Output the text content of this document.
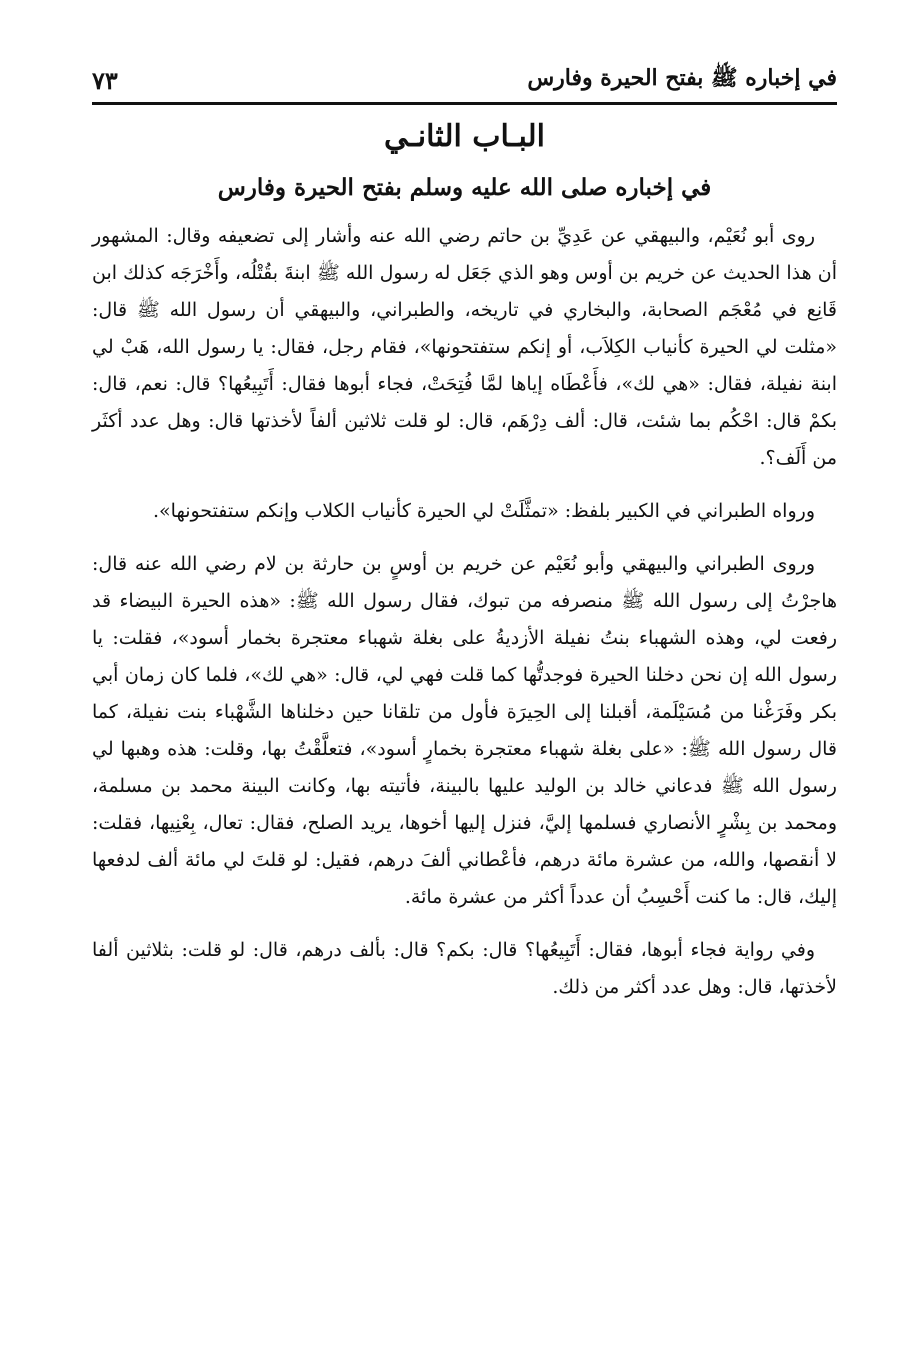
في إخباره ﷺ بفتح الحيرة وفارس
٧٣
البـاب الثانـي
في إخباره صلى الله عليه وسلم بفتح الحيرة وفارس

روى أبو نُعَيْم، والبيهقي عن عَدِيِّ بن حاتم رضي الله عنه وأشار إلى تضعيفه وقال: المشهور أن هذا الحديث عن خريم بن أوس وهو الذي جَعَل له رسول الله ﷺ ابنةَ بقُتْلُه، وأَخْرَجَه كذلك ابن قَانِع في مُعْجَم الصحابة، والبخاري في تاريخه، والطبراني، والبيهقي أن رسول الله ﷺ قال: «مثلت لي الحيرة كأنياب الكِلاَب، أو إنكم ستفتحونها»، فقام رجل، فقال: يا رسول الله، هَبْ لي ابنة نفيلة، فقال: «هي لك»، فأَعْطَاه إياها لمَّا فُتِحَتْ، فجاء أبوها فقال: أَتَبِيعُها؟ قال: نعم، قال: بكمْ قال: احْكُم بما شئت، قال: ألف دِرْهَم، قال: لو قلت ثلاثين ألفاً لأخذتها قال: وهل عدد أكثَر من أَلَف؟.

ورواه الطبراني في الكبير بلفظ: «تمثَّلَتْ لي الحيرة كأنياب الكلاب وإنكم ستفتحونها».

وروى الطبراني والبيهقي وأبو نُعَيْم عن خريم بن أوسٍ بن حارثة بن لام رضي الله عنه قال: هاجرْتُ إلى رسول الله ﷺ منصرفه من تبوك، فقال رسول الله ﷺ: «هذه الحيرة البيضاء قد رفعت لي، وهذه الشهباء بنتُ نفيلة الأزديةُ على بغلة شهباء معتجرة بخمار أسود»، فقلت: يا رسول الله إن نحن دخلنا الحيرة فوجدتُّها كما قلت فهي لي، قال: «هي لك»، فلما كان زمان أبي بكر وفَرَغْنا من مُسَيْلَمة، أقبلنا إلى الحِيرَة فأول من تلقانا حين دخلناها الشَّهْباء بنت نفيلة، كما قال رسول الله ﷺ: «على بغلة شهباء معتجرة بخمارٍ أسود»، فتعلَّقْتُ بها، وقلت: هذه وهبها لي رسول الله ﷺ فدعاني خالد بن الوليد عليها بالبينة، فأتيته بها، وكانت البينة محمد بن مسلمة، ومحمد بن بِشْرٍ الأنصاري فسلمها إليَّ، فنزل إليها أخوها، يريد الصلح، فقال: تعال، بِعْنِيها، فقلت: لا أنقصها، والله، من عشرة مائة درهم، فأعْطاني ألفَ درهم، فقيل: لو قلتَ لي مائة ألف لدفعها إليك، قال: ما كنت أَحْسِبُ أن عدداً أكثر من عشرة مائة.

وفي رواية فجاء أبوها، فقال: أَتَبِيعُها؟ قال: بكم؟ قال: بألف درهم، قال: لو قلت: بثلاثين ألفا لأخذتها، قال: وهل عدد أكثر من ذلك.
